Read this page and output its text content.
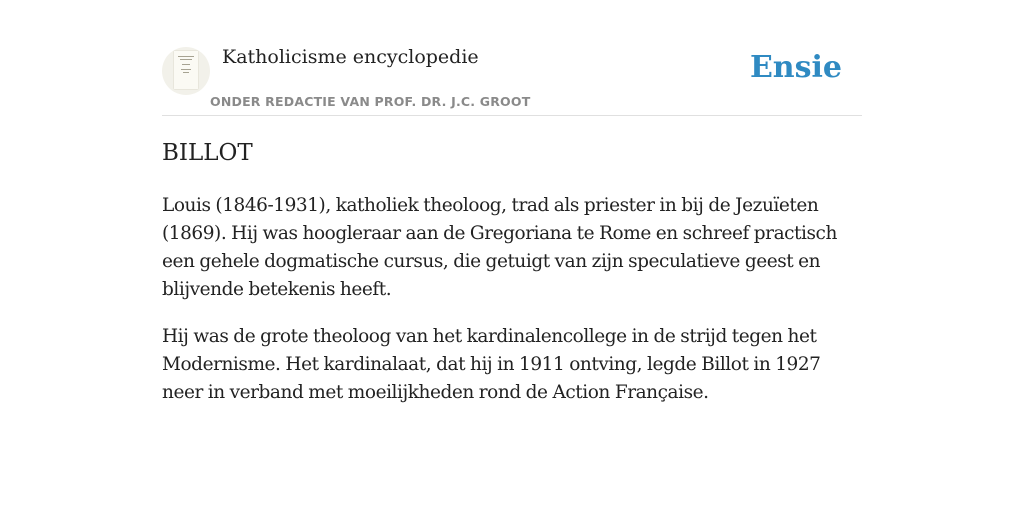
Katholicisme encyclopedie
ONDER REDACTIE VAN PROF. DR. J.C. GROOT
Ensie
BILLOT

Louis (1846-1931), katholiek theoloog, trad als priester in bij de Jezuïeten (1869). Hij was hoogleraar aan de Gregoriana te Rome en schreef practisch een gehele dogmatische cursus, die getuigt van zijn speculatieve geest en blijvende betekenis heeft.

Hij was de grote theoloog van het kardinalencollege in de strijd tegen het Modernisme. Het kardinalaat, dat hij in 1911 ontving, legde Billot in 1927 neer in verband met moeilijkheden rond de Action Française.
